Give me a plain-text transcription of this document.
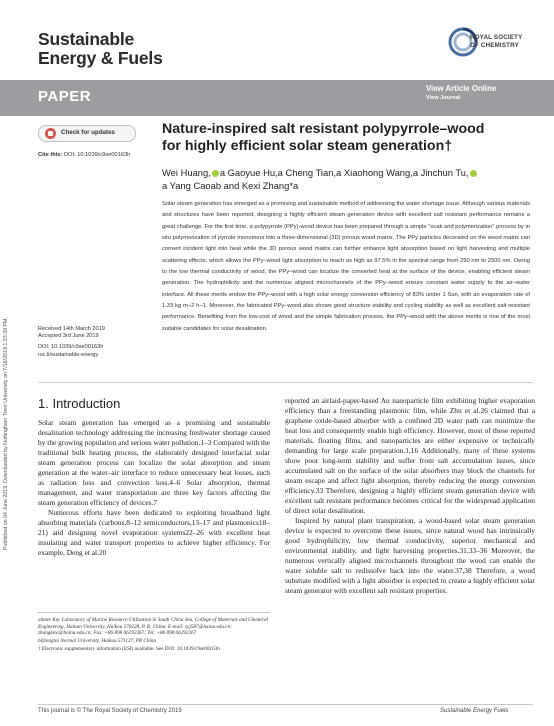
Sustainable
Energy & Fuels
ROYAL SOCIETY
OF CHEMISTRY
PAPER	View Article Online
View Journal
Published on 04 June 2019. Downloaded by Nottingham Trent University on 7/18/2019 1:33:39 PM.
Check for updates
Cite this: DOI: 10.1039/c9se00163h
Nature-inspired salt resistant polypyrrole–wood
for highly efficient solar steam generation†
Wei Huang, a Gaoyue Hu,a Cheng Tian,a Xiaohong Wang,a Jinchun Tu,
a Yang Caoab and Kexi Zhang*a

Solar steam generation has emerged as a promising and sustainable method of addressing the water shortage issue. Although various materials and structures have been reported, designing a highly efficient steam generation device with excellent salt resistant performance remains a great challenge. For the first time, a polypyrrole (PPy)-wood device has been prepared through a simple "soak and polymerization" process by in situ polymerization of pyrrole monomers into a three-dimensional (3D) porous wood matrix. The PPy particles decorated on the wood matrix can convert incident light into heat while the 3D porous wood matrix can further enhance light absorption based on light harvesting and multiple scattering effects, which allows the PPy–wood light absorption to reach as high as 97.5% in the spectral range from 250 nm to 2500 nm. Owing to the low thermal conductivity of wood, the PPy–wood can localize the converted heat at the surface of the device, enabling efficient steam generation. The hydrophilicity and the numerous aligned microchannels of the PPy–wood ensure constant water supply to the air–water interface. All these merits endow the PPy–wood with a high solar energy conversion efficiency of 83% under 1 Sun, with an evaporation rate of 1.33 kg m−2 h−1. Moreover, the fabricated PPy–wood also shows good structure stability and cycling stability as well as excellent salt resistant performance. Benefiting from the low-cost of wood and the simple fabrication process, the PPy–wood with the above merits is one of the most suitable candidates for solar desalination.

Received 14th March 2019
Accepted 3rd June 2019
DOI: 10.1039/c9se00163h
rsc.li/sustainable-energy
1. Introduction

Solar steam generation has emerged as a promising and sustainable desalination technology addressing the increasing freshwater shortage caused by the growing population and serious water pollution.1–3 Compared with the traditional bulk heating process, the elaborately designed interfacial solar steam generation process can localize the solar absorption and steam generation at the water–air interface to reduce unnecessary heat losses, such as radiation loss and convection loss.4–6 Solar absorption, thermal management, and water transportation are three key factors affecting the steam generation efficiency of devices.7

Numerous efforts have been dedicated to exploiting broadband light absorbing materials (carbons,8–12 semiconductors,13–17 and plasmonics18–21) and designing novel evaporation systems22–26 with excellent heat insulating and water transport properties to achieve higher efficiency. For example, Deng et al.20

reported an airlaid-paper-based Au nanoparticle film exhibiting higher evaporation efficiency than a freestanding plasmonic film, while Zhu et al.26 claimed that a graphene oxide-based absorber with a confined 2D water path can minimize the heat loss and consequently enable high efficiency. However, most of these reported materials, floating films, and nanoparticles are either expensive or technically demanding for large scale preparation.1,16 Additionally, many of these systems show poor long-term stability and suffer from salt accumulation issues, since accumulated salt on the surface of the solar absorbers may block the channels for steam escape and affect light absorption, thereby reducing the energy conversion efficiency.33 Therefore, designing a highly efficient steam generation device with excellent salt resistant performance becomes critical for the widespread application of direct solar desalination.

Inspired by natural plant transpiration, a wood-based solar steam generation device is expected to overcome these issues, since natural wood has intrinsically good hydrophilicity, low thermal conductivity, superior mechanical and environmental stability, and light harvesting properties.31,33–36 Moreover, the numerous vertically aligned microchannels throughout the wood can enable the water soluble salt to redissolve back into the water.37,38 Therefore, a wood substrate modified with a light absorber is expected to create a highly efficient solar steam generator with excellent salt resistant properties.

aState Key Laboratory of Marine Resource Utilization in South China Sea, College of Materials and Chemical Engineering, Hainan University, Haikou 570228, P. R. China. E-mail: zyj587@hainu.edu.cn; zhangkexi@hainu.edu.cn; Fax: +86 898 66292367; Tel: +86 898 66292367

bQiongtai Normal University, Haikou 571127, PR China

† Electronic supplementary information (ESI) available. See DOI: 10.1039/c9se00163h

This journal is © The Royal Society of Chemistry 2019	Sustainable Energy Fuels
